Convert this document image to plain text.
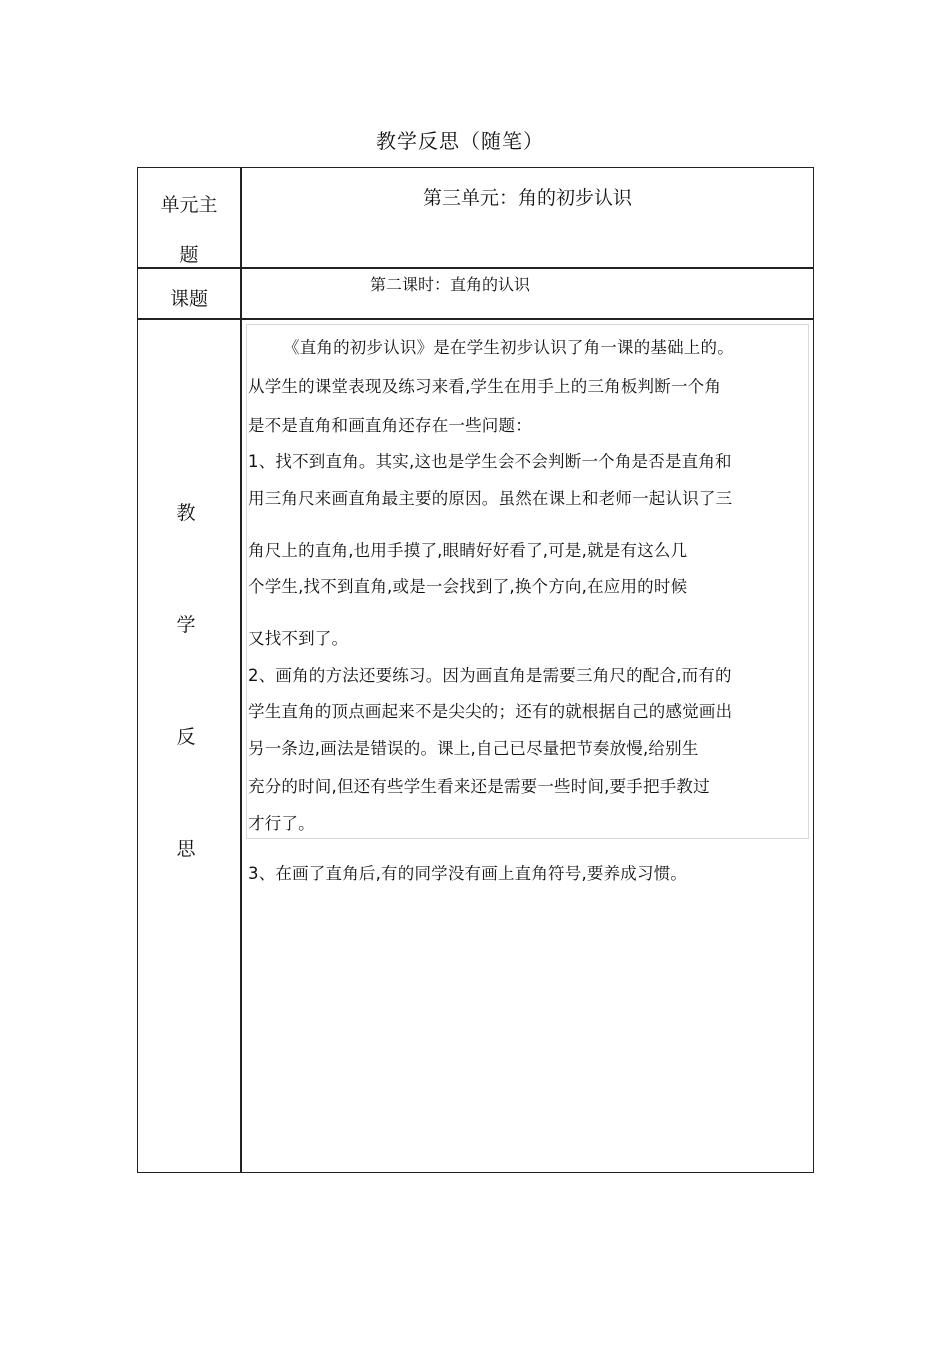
教学反思（随笔）
单元主
题
第三单元：角的初步认识
课题
第二课时：直角的认识
教
学
反
思
《直角的初步认识》是在学生初步认识了角一课的基础上的。
从学生的课堂表现及练习来看,学生在用手上的三角板判断一个角
是不是直角和画直角还存在一些问题：
1、找不到直角。其实,这也是学生会不会判断一个角是否是直角和
用三角尺来画直角最主要的原因。虽然在课上和老师一起认识了三
角尺上的直角,也用手摸了,眼睛好好看了,可是,就是有这么几
个学生,找不到直角,或是一会找到了,换个方向,在应用的时候
又找不到了。
2、画角的方法还要练习。因为画直角是需要三角尺的配合,而有的
学生直角的顶点画起来不是尖尖的；还有的就根据自己的感觉画出
另一条边,画法是错误的。课上,自己已尽量把节奏放慢,给别生
充分的时间,但还有些学生看来还是需要一些时间,要手把手教过
才行了。
3、在画了直角后,有的同学没有画上直角符号,要养成习惯。
